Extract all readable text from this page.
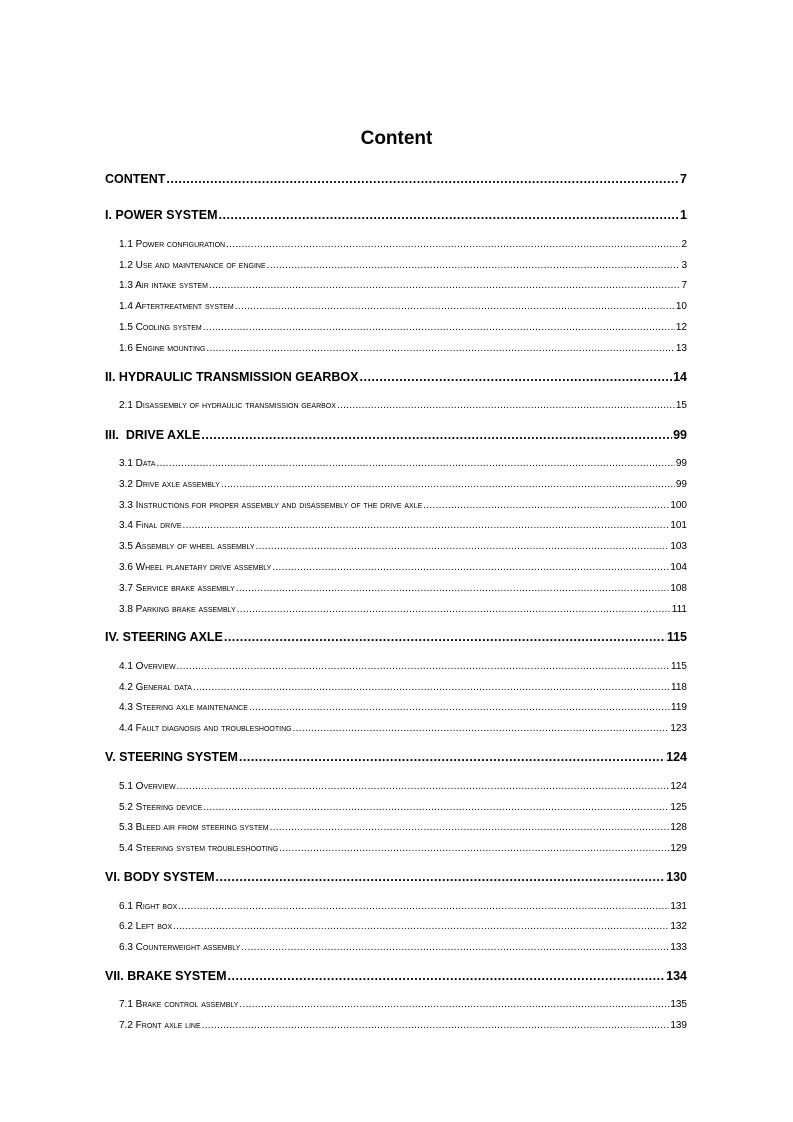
Content
CONTENT .....	7
I. POWER SYSTEM .....	1
1.1 Power configuration .....	2
1.2 Use and maintenance of engine .....	3
1.3 Air intake system .....	7
1.4 Aftertreatment system .....	10
1.5 Cooling system .....	12
1.6 Engine mounting .....	13
II. HYDRAULIC TRANSMISSION GEARBOX .....	14
2.1 Disassembly of hydraulic transmission gearbox .....	15
III.  DRIVE AXLE .....	99
3.1 Data .....	99
3.2 Drive axle assembly .....	99
3.3 Instructions for proper assembly and disassembly of the drive axle .....	100
3.4 Final drive .....	101
3.5 Assembly of wheel assembly .....	103
3.6 Wheel planetary drive assembly .....	104
3.7 Service brake assembly .....	108
3.8 Parking brake assembly .....	111
IV. STEERING AXLE .....	115
4.1 Overview .....	115
4.2 General data .....	118
4.3 Steering axle maintenance .....	119
4.4 Fault diagnosis and troubleshooting .....	123
V. STEERING SYSTEM .....	124
5.1 Overview .....	124
5.2 Steering device .....	125
5.3 Bleed air from steering system .....	128
5.4 Steering system troubleshooting .....	129
VI. BODY SYSTEM .....	130
6.1 Right box .....	131
6.2 Left box .....	132
6.3 Counterweight assembly .....	133
VII. BRAKE SYSTEM .....	134
7.1 Brake control assembly .....	135
7.2 Front axle line .....	139
